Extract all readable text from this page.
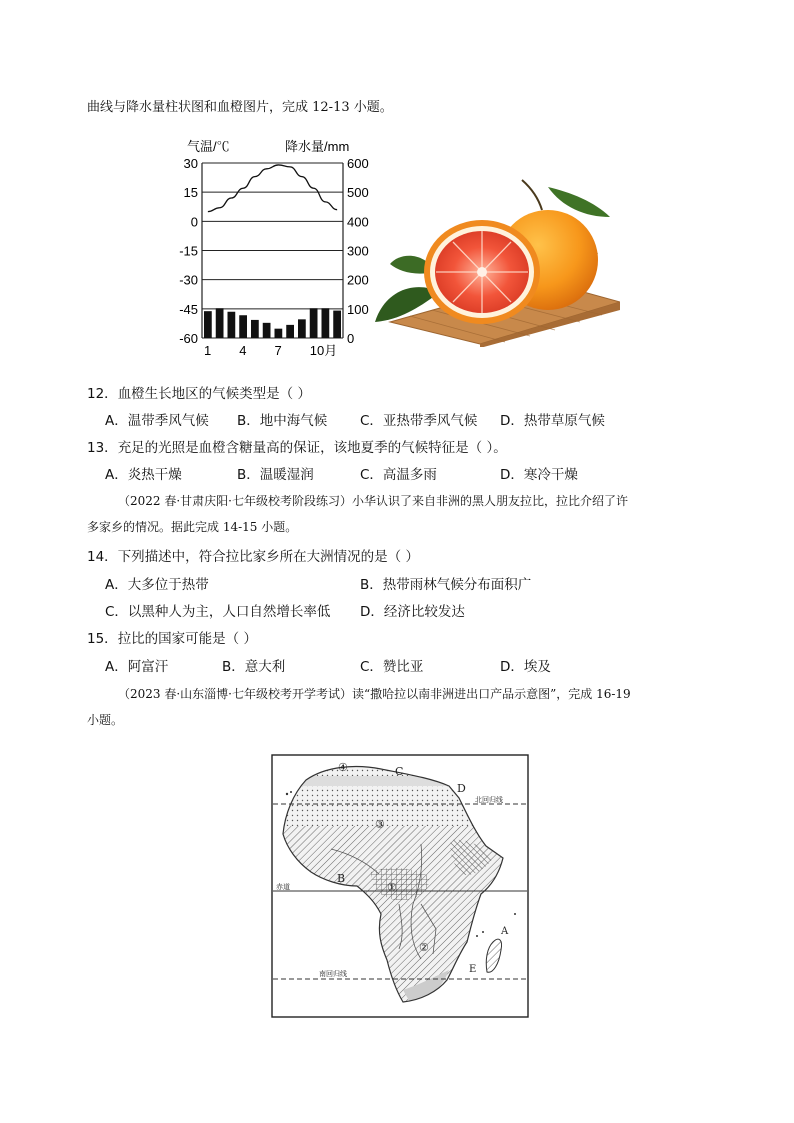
曲线与降水量柱状图和血橙图片，完成 12-13 小题。
气温/℃	降水量/mm
30
15
0
-15
-30
-45
-60
600
500
400
300
200
100
0
1 4 7 10月
12．血橙生长地区的气候类型是（ ）
A．温带季风气候 B．地中海气候 C．亚热带季风气候 D．热带草原气候
13．充足的光照是血橙含糖量高的保证，该地夏季的气候特征是（ ）。
A．炎热干燥	B．温暖湿润	C．高温多雨	D．寒冷干燥
（2022 春·甘肃庆阳·七年级校考阶段练习）小华认识了来自非洲的黑人朋友拉比，拉比介绍了许
多家乡的情况。据此完成 14-15 小题。
14．下列描述中，符合拉比家乡所在大洲情况的是（ ）
A．大多位于热带	B．热带雨林气候分布面积广
C．以黑种人为主，人口自然增长率低 D．经济比较发达
15．拉比的国家可能是（ ）
A．阿富汗	B．意大利	C．赞比亚	D．埃及
（2023 春·山东淄博·七年级校考开学考试）读“撒哈拉以南非洲进出口产品示意图”，完成 16-19
小题。
④	C
D
北回归线
③
B
赤道	①
②
A
E
南回归线
